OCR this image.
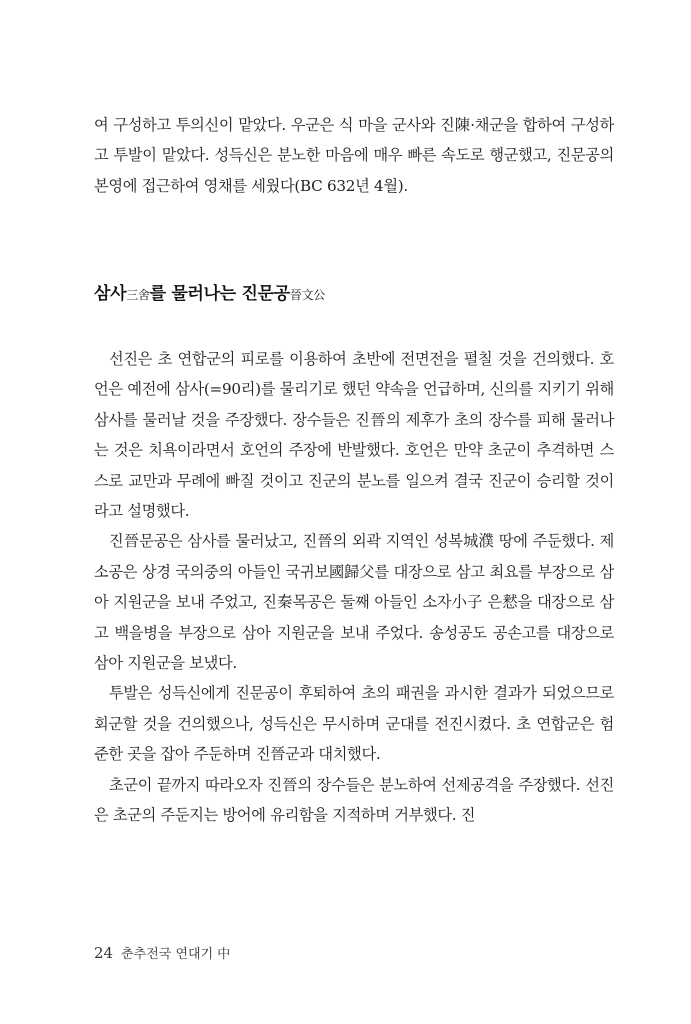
여 구성하고 투의신이 맡았다. 우군은 식 마을 군사와 진陳·채군을 합하여 구성하고 투발이 맡았다. 성득신은 분노한 마음에 매우 빠른 속도로 행군했고, 진문공의 본영에 접근하여 영채를 세웠다(BC 632년 4월).
삼사三舍를 물러나는 진문공晉文公

선진은 초 연합군의 피로를 이용하여 초반에 전면전을 펼칠 것을 건의했다. 호언은 예전에 삼사(=90리)를 물리기로 했던 약속을 언급하며, 신의를 지키기 위해 삼사를 물러날 것을 주장했다. 장수들은 진晉의 제후가 초의 장수를 피해 물러나는 것은 치욕이라면서 호언의 주장에 반발했다. 호언은 만약 초군이 추격하면 스스로 교만과 무례에 빠질 것이고 진군의 분노를 일으켜 결국 진군이 승리할 것이라고 설명했다.

진晉문공은 삼사를 물러났고, 진晉의 외곽 지역인 성복城濮 땅에 주둔했다. 제소공은 상경 국의중의 아들인 국귀보國歸父를 대장으로 삼고 최요를 부장으로 삼아 지원군을 보내 주었고, 진秦목공은 둘째 아들인 소자小子 은慭을 대장으로 삼고 백을병을 부장으로 삼아 지원군을 보내 주었다. 송성공도 공손고를 대장으로 삼아 지원군을 보냈다.

투발은 성득신에게 진문공이 후퇴하여 초의 패권을 과시한 결과가 되었으므로 회군할 것을 건의했으나, 성득신은 무시하며 군대를 전진시켰다. 초 연합군은 험준한 곳을 잡아 주둔하며 진晉군과 대치했다.

초군이 끝까지 따라오자 진晉의 장수들은 분노하여 선제공격을 주장했다. 선진은 초군의 주둔지는 방어에 유리함을 지적하며 거부했다. 진

24 춘추전국 연대기 中
